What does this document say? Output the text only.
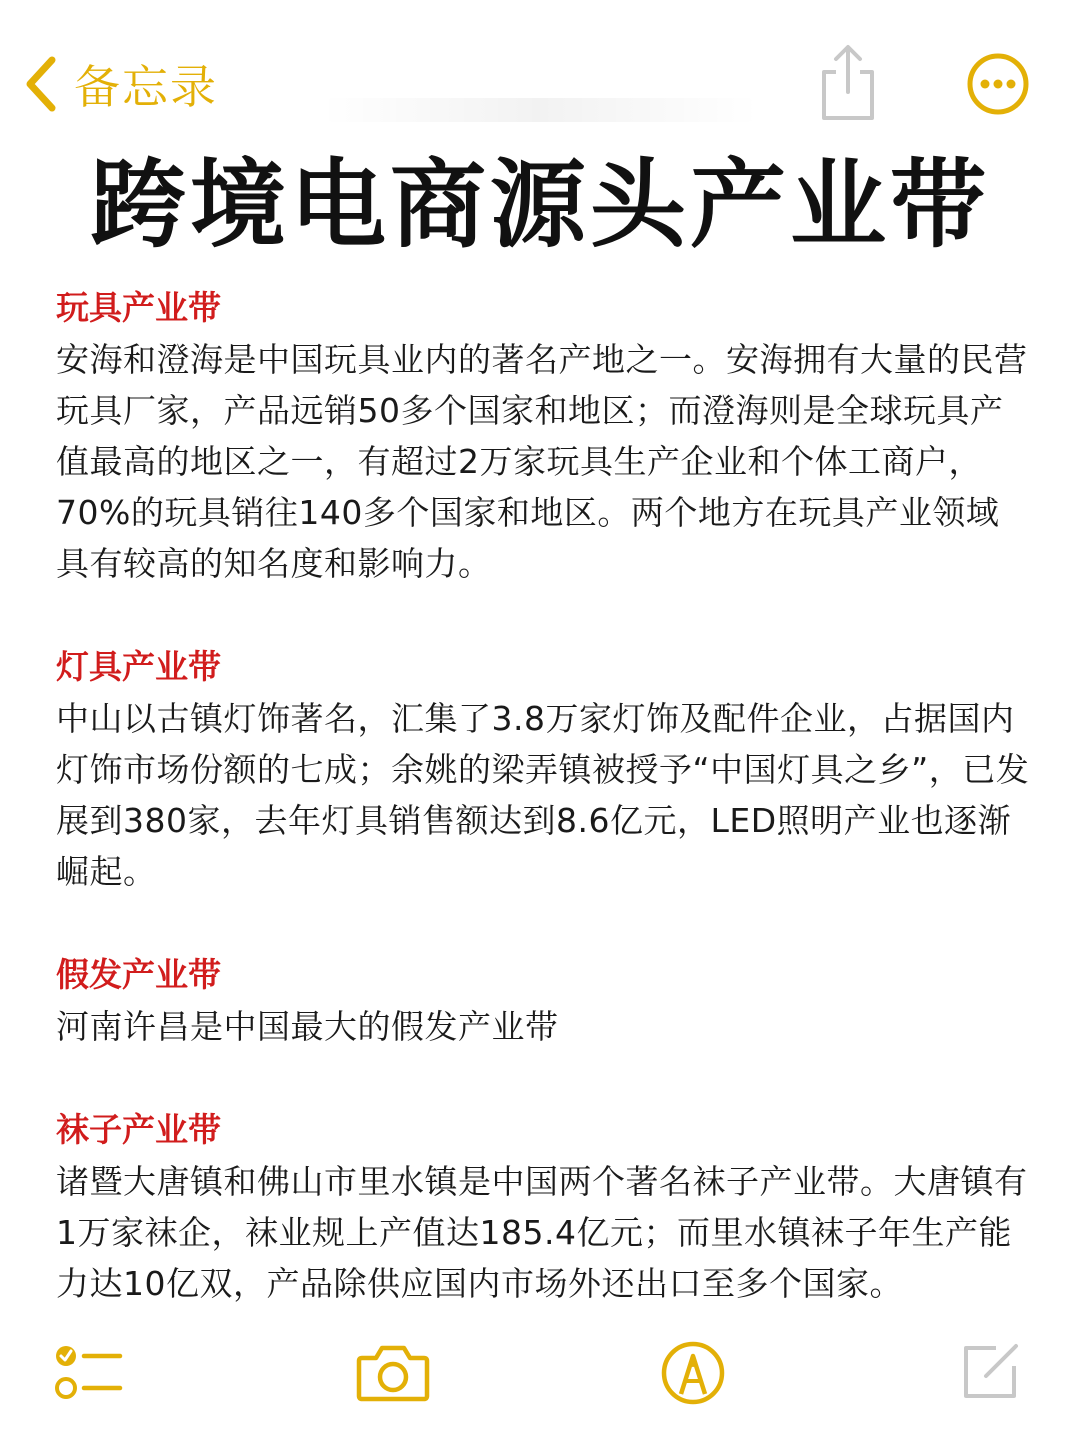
备忘录
跨境电商源头产业带
玩具产业带
安海和澄海是中国玩具业内的著名产地之一。安海拥有大量的民营玩具厂家，产品远销50多个国家和地区；而澄海则是全球玩具产值最高的地区之一，有超过2万家玩具生产企业和个体工商户，70%的玩具销往140多个国家和地区。两个地方在玩具产业领域具有较高的知名度和影响力。
灯具产业带
中山以古镇灯饰著名，汇集了3.8万家灯饰及配件企业，占据国内灯饰市场份额的七成；余姚的梁弄镇被授予“中国灯具之乡”，已发展到380家，去年灯具销售额达到8.6亿元，LED照明产业也逐渐崛起。
假发产业带
河南许昌是中国最大的假发产业带
袜子产业带
诸暨大唐镇和佛山市里水镇是中国两个著名袜子产业带。大唐镇有1万家袜企，袜业规上产值达185.4亿元；而里水镇袜子年生产能力达10亿双，产品除供应国内市场外还出口至多个国家。
